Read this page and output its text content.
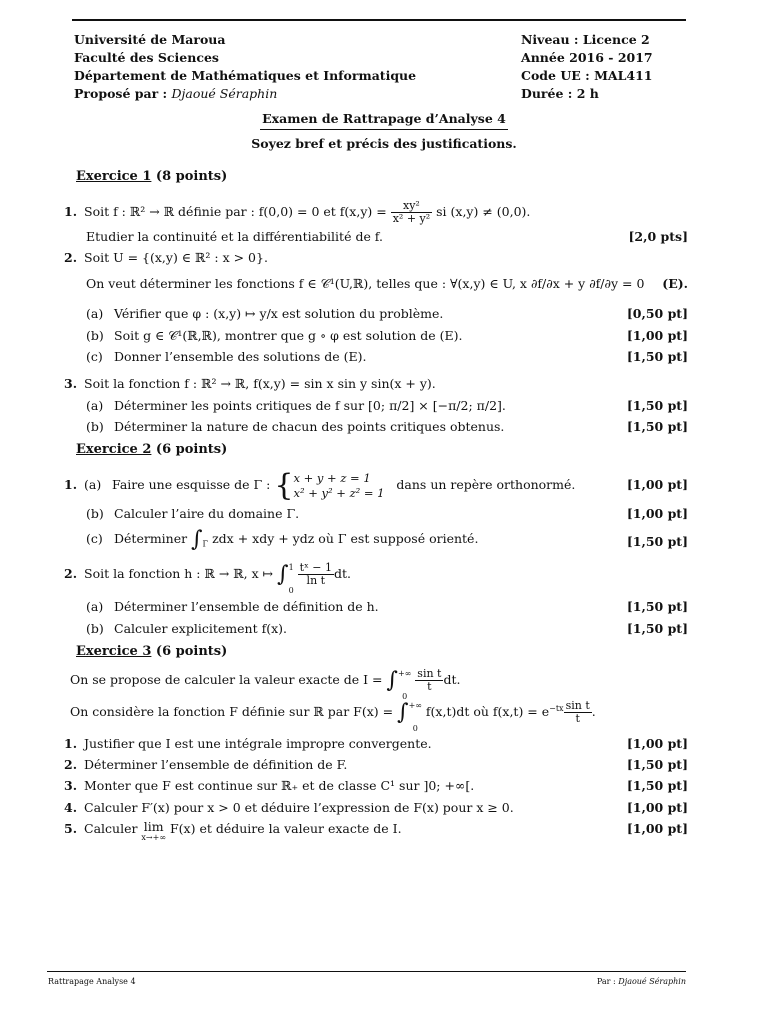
Université de Maroua
Faculté des Sciences
Département de Mathématiques et Informatique
Proposé par : Djaoué Séraphin
Niveau : Licence 2
Année 2016 - 2017
Code UE : MAL411
Durée : 2 h
Examen de Rattrapage d’Analyse 4
Soyez bref et précis des justifications.
Exercice 1 (8 points)
1. Soit f : ℝ² → ℝ définie par : f(0,0) = 0 et $f(x,y) = \frac{\text{xy²}}{\text{x² + y²}}$ si (x,y) ≠ (0,0).
Etudier la continuité et la différentiabilité de f.	[2,0 pts]
2. Soit U = {(x,y) ∈ ℝ² : x > 0}.
On veut déterminer les fonctions f ∈ 𝒞¹(U,ℝ), telles que : ∀(x,y) ∈ U, x ∂f/∂x + y ∂f/∂y = 0	(E).
(a) Vérifier que φ : (x,y) ↦ y/x est solution du problème.	[0,50 pt]
(b) Soit g ∈ 𝒞¹(ℝ,ℝ), montrer que g ∘ φ est solution de (E).	[1,00 pt]
(c) Donner l’ensemble des solutions de (E).	[1,50 pt]
3. Soit la fonction f : ℝ² → ℝ, f(x,y) = sin x sin y sin(x + y).
(a) Déterminer les points critiques de f sur [0; π/2] × [−π/2; π/2].	[1,50 pt]
(b) Déterminer la nature de chacun des points critiques obtenus.	[1,50 pt]
Exercice 2 (6 points)
1. (a) Faire une esquisse de Γ : { x + y + z = 1
x² + y² + z² = 1
dans un repère orthonormé.	[1,00 pt]
(b) Calculer l’aire du domaine Γ.	[1,00 pt]
(c) Déterminer $\int_\Gamma$ zdx + xdy + ydz où Γ est supposé orienté.	[1,50 pt]
2. Soit la fonction h : ℝ → ℝ, x ↦ ∫ 1
0

$\frac{\text{tˣ − 1}}{\text{ln t}}$ dt.
(a) Déterminer l’ensemble de définition de h.	[1,50 pt]
(b) Calculer explicitement f(x).	[1,50 pt]
Exercice 3 (6 points)
On se propose de calculer la valeur exacte de I = ∫ +∞
0

$\frac{\text{sin t}}{t}$ dt.
On considère la fonction F définie sur ℝ par F(x) = ∫ +∞
0
f(x,t)dt où $f(x,t) = e^{-tx} \frac{\text{sin t}}{t}$ .
1. Justifier que I est une intégrale impropre convergente.	[1,00 pt]
2. Déterminer l’ensemble de définition de F.	[1,50 pt]
3. Monter que F est continue sur ℝ₊ et de classe C¹ sur ]0; +∞[.	[1,50 pt]
4. Calculer F′(x) pour x > 0 et déduire l’expression de F(x) pour x ≥ 0.	[1,00 pt]
5. Calculer lim
x→+∞
F(x) et déduire la valeur exacte de I.	[1,00 pt]
Rattrapage Analyse 4	Par : Djaoué Séraphin
